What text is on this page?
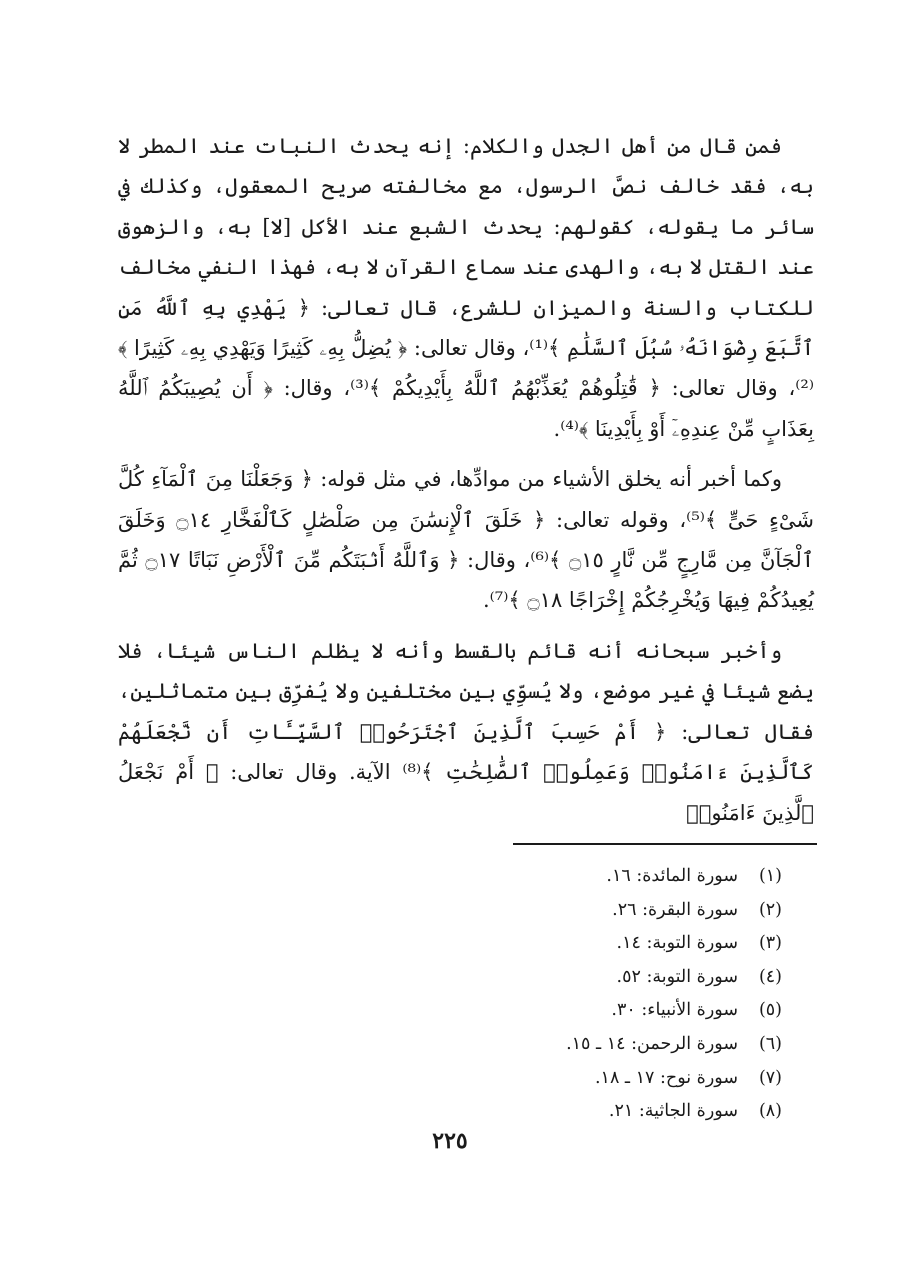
فمن قال من أهل الجدل والكلام: إنه يحدث النبات عند المطر لا به، فقد خالف نصَّ الرسول، مع مخالفته صريح المعقول، وكذلك في سائر ما يقوله، كقولهم: يحدث الشبع عند الأكل [لا] به، والزهوق عند القتل لا به، والهدى عند سماع القرآن لا به، فهذا النفي مخالف للكتاب والسنة والميزان للشرع، قال تعالى: ﴿ يَهْدِي بِهِ ٱللَّهُ مَنِ ٱتَّبَعَ رِضْوَانَهُۥ سُبُلَ ٱلسَّلَٰمِ ﴾⁽¹⁾، وقال تعالى: ﴿ يُضِلُّ بِهِۦ كَثِيرًا وَيَهْدِي بِهِۦ كَثِيرًا ﴾⁽²⁾، وقال تعالى: ﴿ قَٰتِلُوهُمْ يُعَذِّبْهُمُ ٱللَّهُ بِأَيْدِيكُمْ ﴾⁽³⁾، وقال: ﴿ أَن يُصِيبَكُمُ ٱللَّهُ بِعَذَابٍ مِّنْ عِندِهِۦٓ أَوْ بِأَيْدِينَا ﴾⁽⁴⁾.

وكما أخبر أنه يخلق الأشياء من موادِّها، في مثل قوله: ﴿ وَجَعَلْنَا مِنَ ٱلْمَآءِ كُلَّ شَىْءٍ حَىٍّ ﴾⁽⁵⁾، وقوله تعالى: ﴿ خَلَقَ ٱلْإِنسَٰنَ مِن صَلْصَٰلٍ كَٱلْفَخَّارِ ۝١٤ وَخَلَقَ ٱلْجَآنَّ مِن مَّارِجٍ مِّن نَّارٍ ۝١٥ ﴾⁽⁶⁾، وقال: ﴿ وَٱللَّهُ أَنۢبَتَكُم مِّنَ ٱلْأَرْضِ نَبَاتًا ۝١٧ ثُمَّ يُعِيدُكُمْ فِيهَا وَيُخْرِجُكُمْ إِخْرَاجًا ۝١٨ ﴾⁽⁷⁾.

وأخبر سبحانه أنه قائم بالقسط وأنه لا يظلم الناس شيئا، فلا يضع شيئا في غير موضع، ولا يُسوِّي بين مختلفين ولا يُفرِّق بين متماثلين، فقال تعالى: ﴿ أَمْ حَسِبَ ٱلَّذِينَ ٱجْتَرَحُوا۟ ٱلسَّيِّـَٔاتِ أَن نَّجْعَلَهُمْ كَٱلَّذِينَ ءَامَنُوا۟ وَعَمِلُوا۟ ٱلصَّٰلِحَٰتِ ﴾⁽⁸⁾ الآية. وقال تعالى: ﴿ أَمْ نَجْعَلُ ٱلَّذِينَ ءَامَنُوا۟

(١)سورة المائدة: ١٦.
(٢)سورة البقرة: ٢٦.
(٣)سورة التوبة: ١٤.
(٤)سورة التوبة: ٥٢.
(٥)سورة الأنبياء: ٣٠.
(٦)سورة الرحمن: ١٤ ـ ١٥.
(٧)سورة نوح: ١٧ ـ ١٨.
(٨)سورة الجاثية: ٢١.
٢٢٥
